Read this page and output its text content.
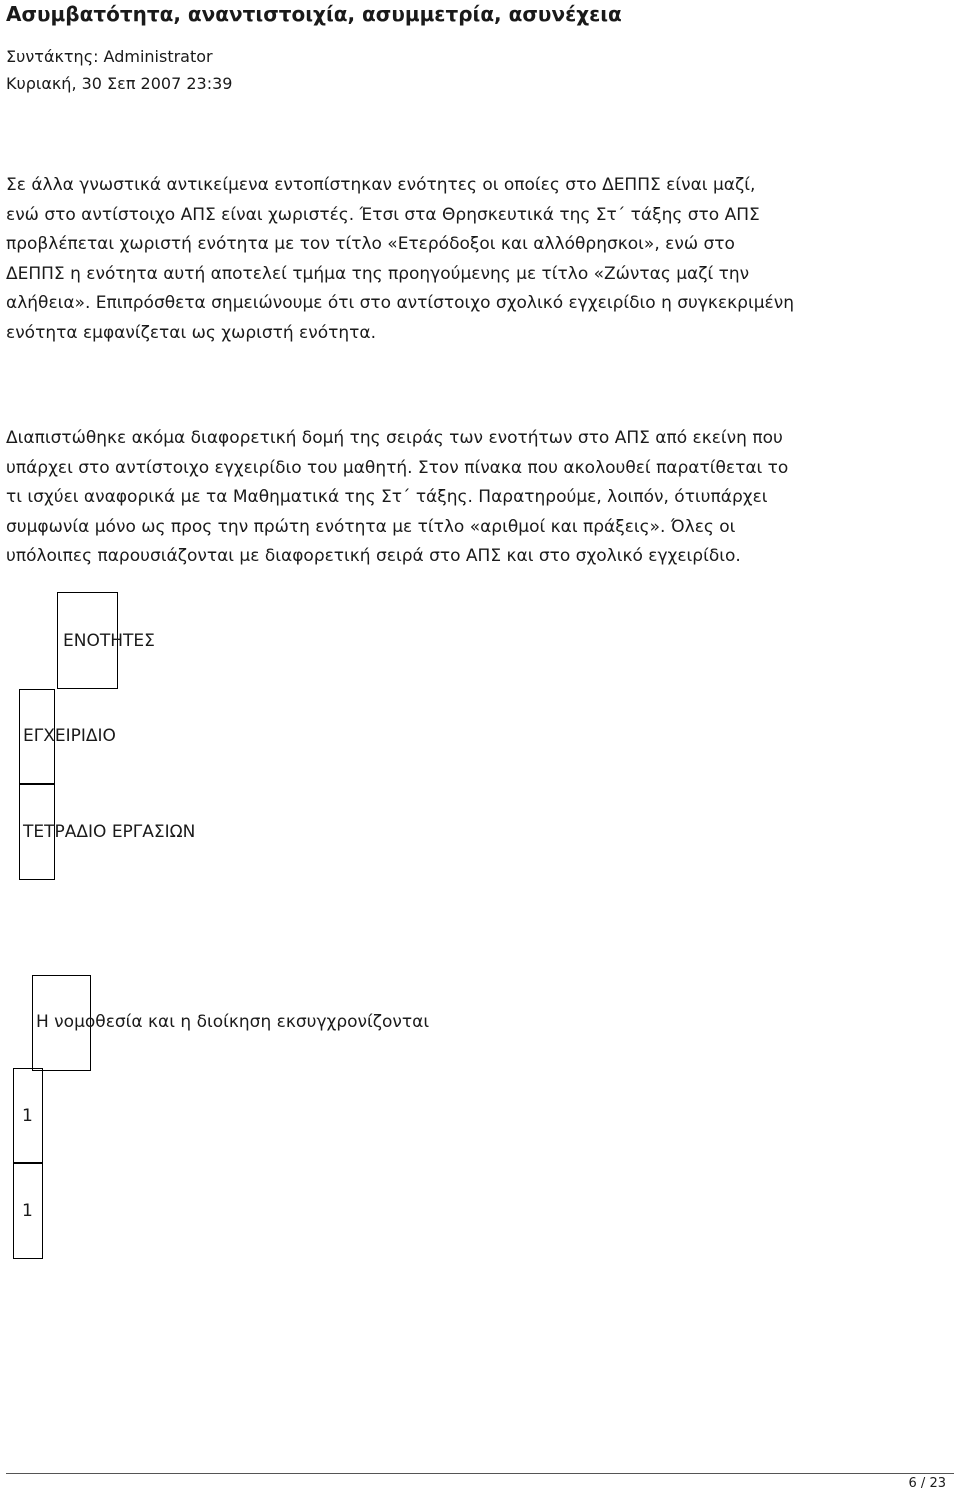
Ασυμβατότητα, αναντιστοιχία, ασυμμετρία, ασυνέχεια
Συντάκτης: Administrator
Κυριακή, 30 Σεπ 2007 23:39
Σε άλλα γνωστικά αντικείμενα εντοπίστηκαν ενότητες οι οποίες στο ΔΕΠΠΣ είναι μαζί,
ενώ στο αντίστοιχο ΑΠΣ είναι χωριστές. Έτσι στα Θρησκευτικά της Στ΄ τάξης στο ΑΠΣ
προβλέπεται χωριστή ενότητα με τον τίτλο «Ετερόδοξοι και αλλόθρησκοι», ενώ στο
ΔΕΠΠΣ η ενότητα αυτή αποτελεί τμήμα της προηγούμενης με τίτλο «Ζώντας μαζί την
αλήθεια». Επιπρόσθετα σημειώνουμε ότι στο αντίστοιχο σχολικό εγχειρίδιο η συγκεκριμένη
ενότητα εμφανίζεται ως χωριστή ενότητα.
Διαπιστώθηκε ακόμα διαφορετική δομή της σειράς των ενοτήτων στο ΑΠΣ από εκείνη που
υπάρχει στο αντίστοιχο εγχειρίδιο του μαθητή. Στον πίνακα που ακολουθεί παρατίθεται το
τι ισχύει αναφορικά με τα Μαθηματικά της Στ΄ τάξης. Παρατηρούμε, λοιπόν, ότιυπάρχει
συμφωνία μόνο ως προς την πρώτη ενότητα με τίτλο «αριθμοί και πράξεις». Όλες οι
υπόλοιπες παρουσιάζονται με διαφορετική σειρά στο ΑΠΣ και στο σχολικό εγχειρίδιο.
ΕΝΟΤΗΤΕΣ
ΕΓΧΕΙΡΙΔΙΟ
ΤΕΤΡΑΔΙΟ ΕΡΓΑΣΙΩΝ
Η νομοθεσία και η διοίκηση εκσυγχρονίζονται
1
1
6 / 23
